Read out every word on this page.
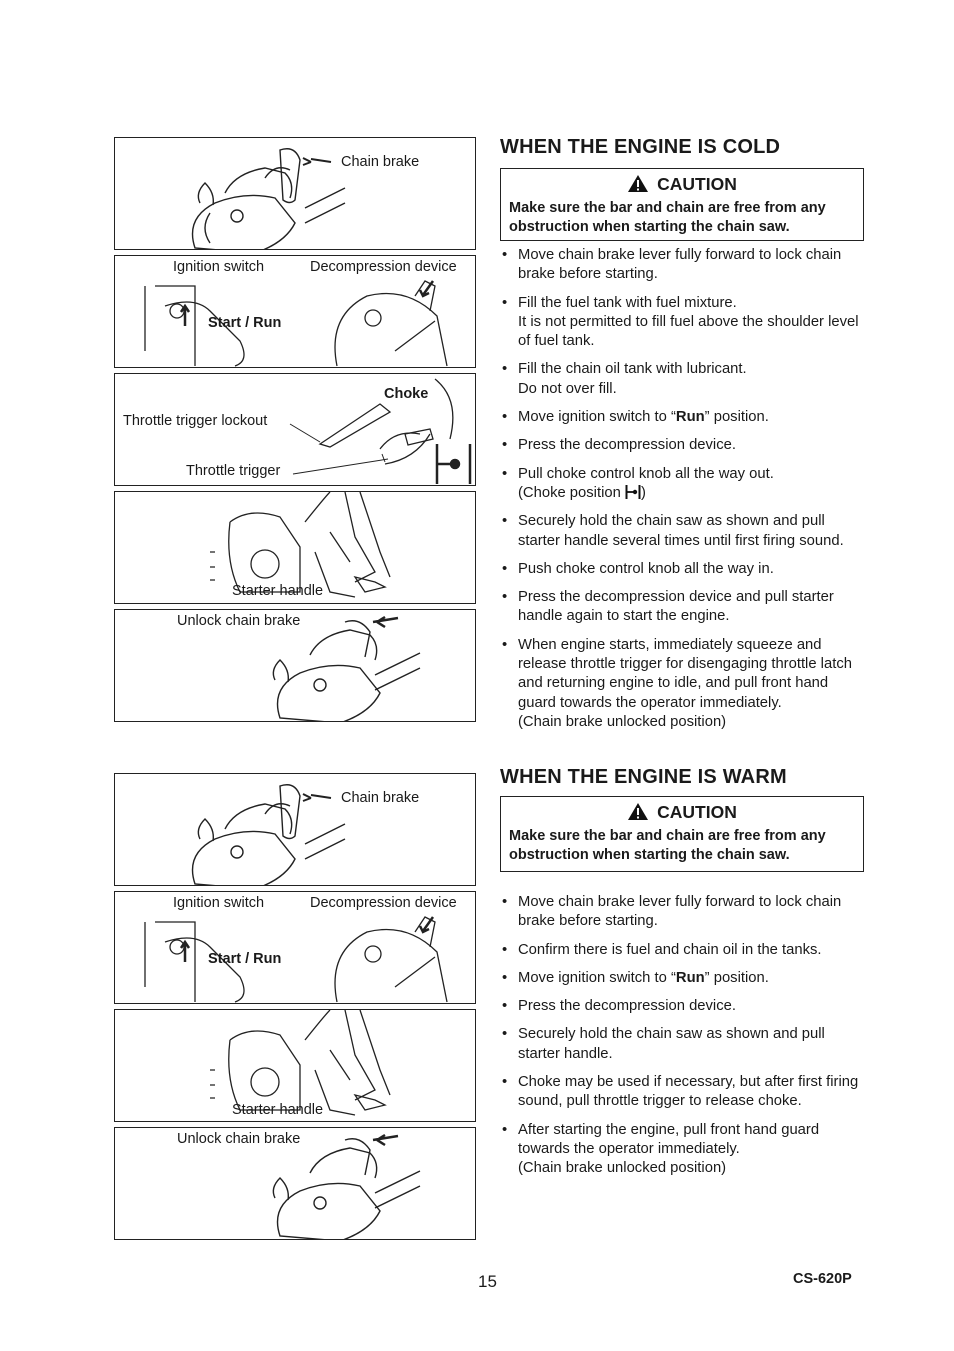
Chain brake
Ignition switch	Decompression device
Start / Run
Choke
Throttle trigger lockout
Throttle trigger
Starter handle
Unlock chain brake
Chain brake
Ignition switch	Decompression device
Start / Run
Starter handle
Unlock chain brake
WHEN THE ENGINE IS COLD
CAUTION
Make sure the bar and chain are free from any obstruction when starting the chain saw.
• Move chain brake lever fully forward to lock chain brake before starting.
• Fill the fuel tank with fuel mixture.
It is not permitted to fill fuel above the shoulder level of fuel tank.
• Fill the chain oil tank with lubricant.
Do not over fill.
• Move ignition switch to “Run” position.
• Press the decompression device.
• Pull choke control knob all the way out.
(Choke position )
• Securely hold the chain saw as shown and pull starter handle several times until first firing sound.
• Push choke control knob all the way in.
• Press the decompression device and pull starter handle again to start the engine.
• When engine starts, immediately squeeze and release throttle trigger for disengaging throttle latch and returning engine to idle, and pull front hand guard towards the operator immediately.
(Chain brake unlocked position)
WHEN THE ENGINE IS WARM
CAUTION
Make sure the bar and chain are free from any obstruction when starting the chain saw.
• Move chain brake lever fully forward to lock chain brake before starting.
• Confirm there is fuel and chain oil in the tanks.
• Move ignition switch to “Run” position.
• Press the decompression device.
• Securely hold the chain saw as shown and pull starter handle.
• Choke may be used if necessary, but after first firing sound, pull throttle trigger to release choke.
• After starting the engine, pull front hand guard towards the operator immediately.
(Chain brake unlocked position)
15	CS-620P
